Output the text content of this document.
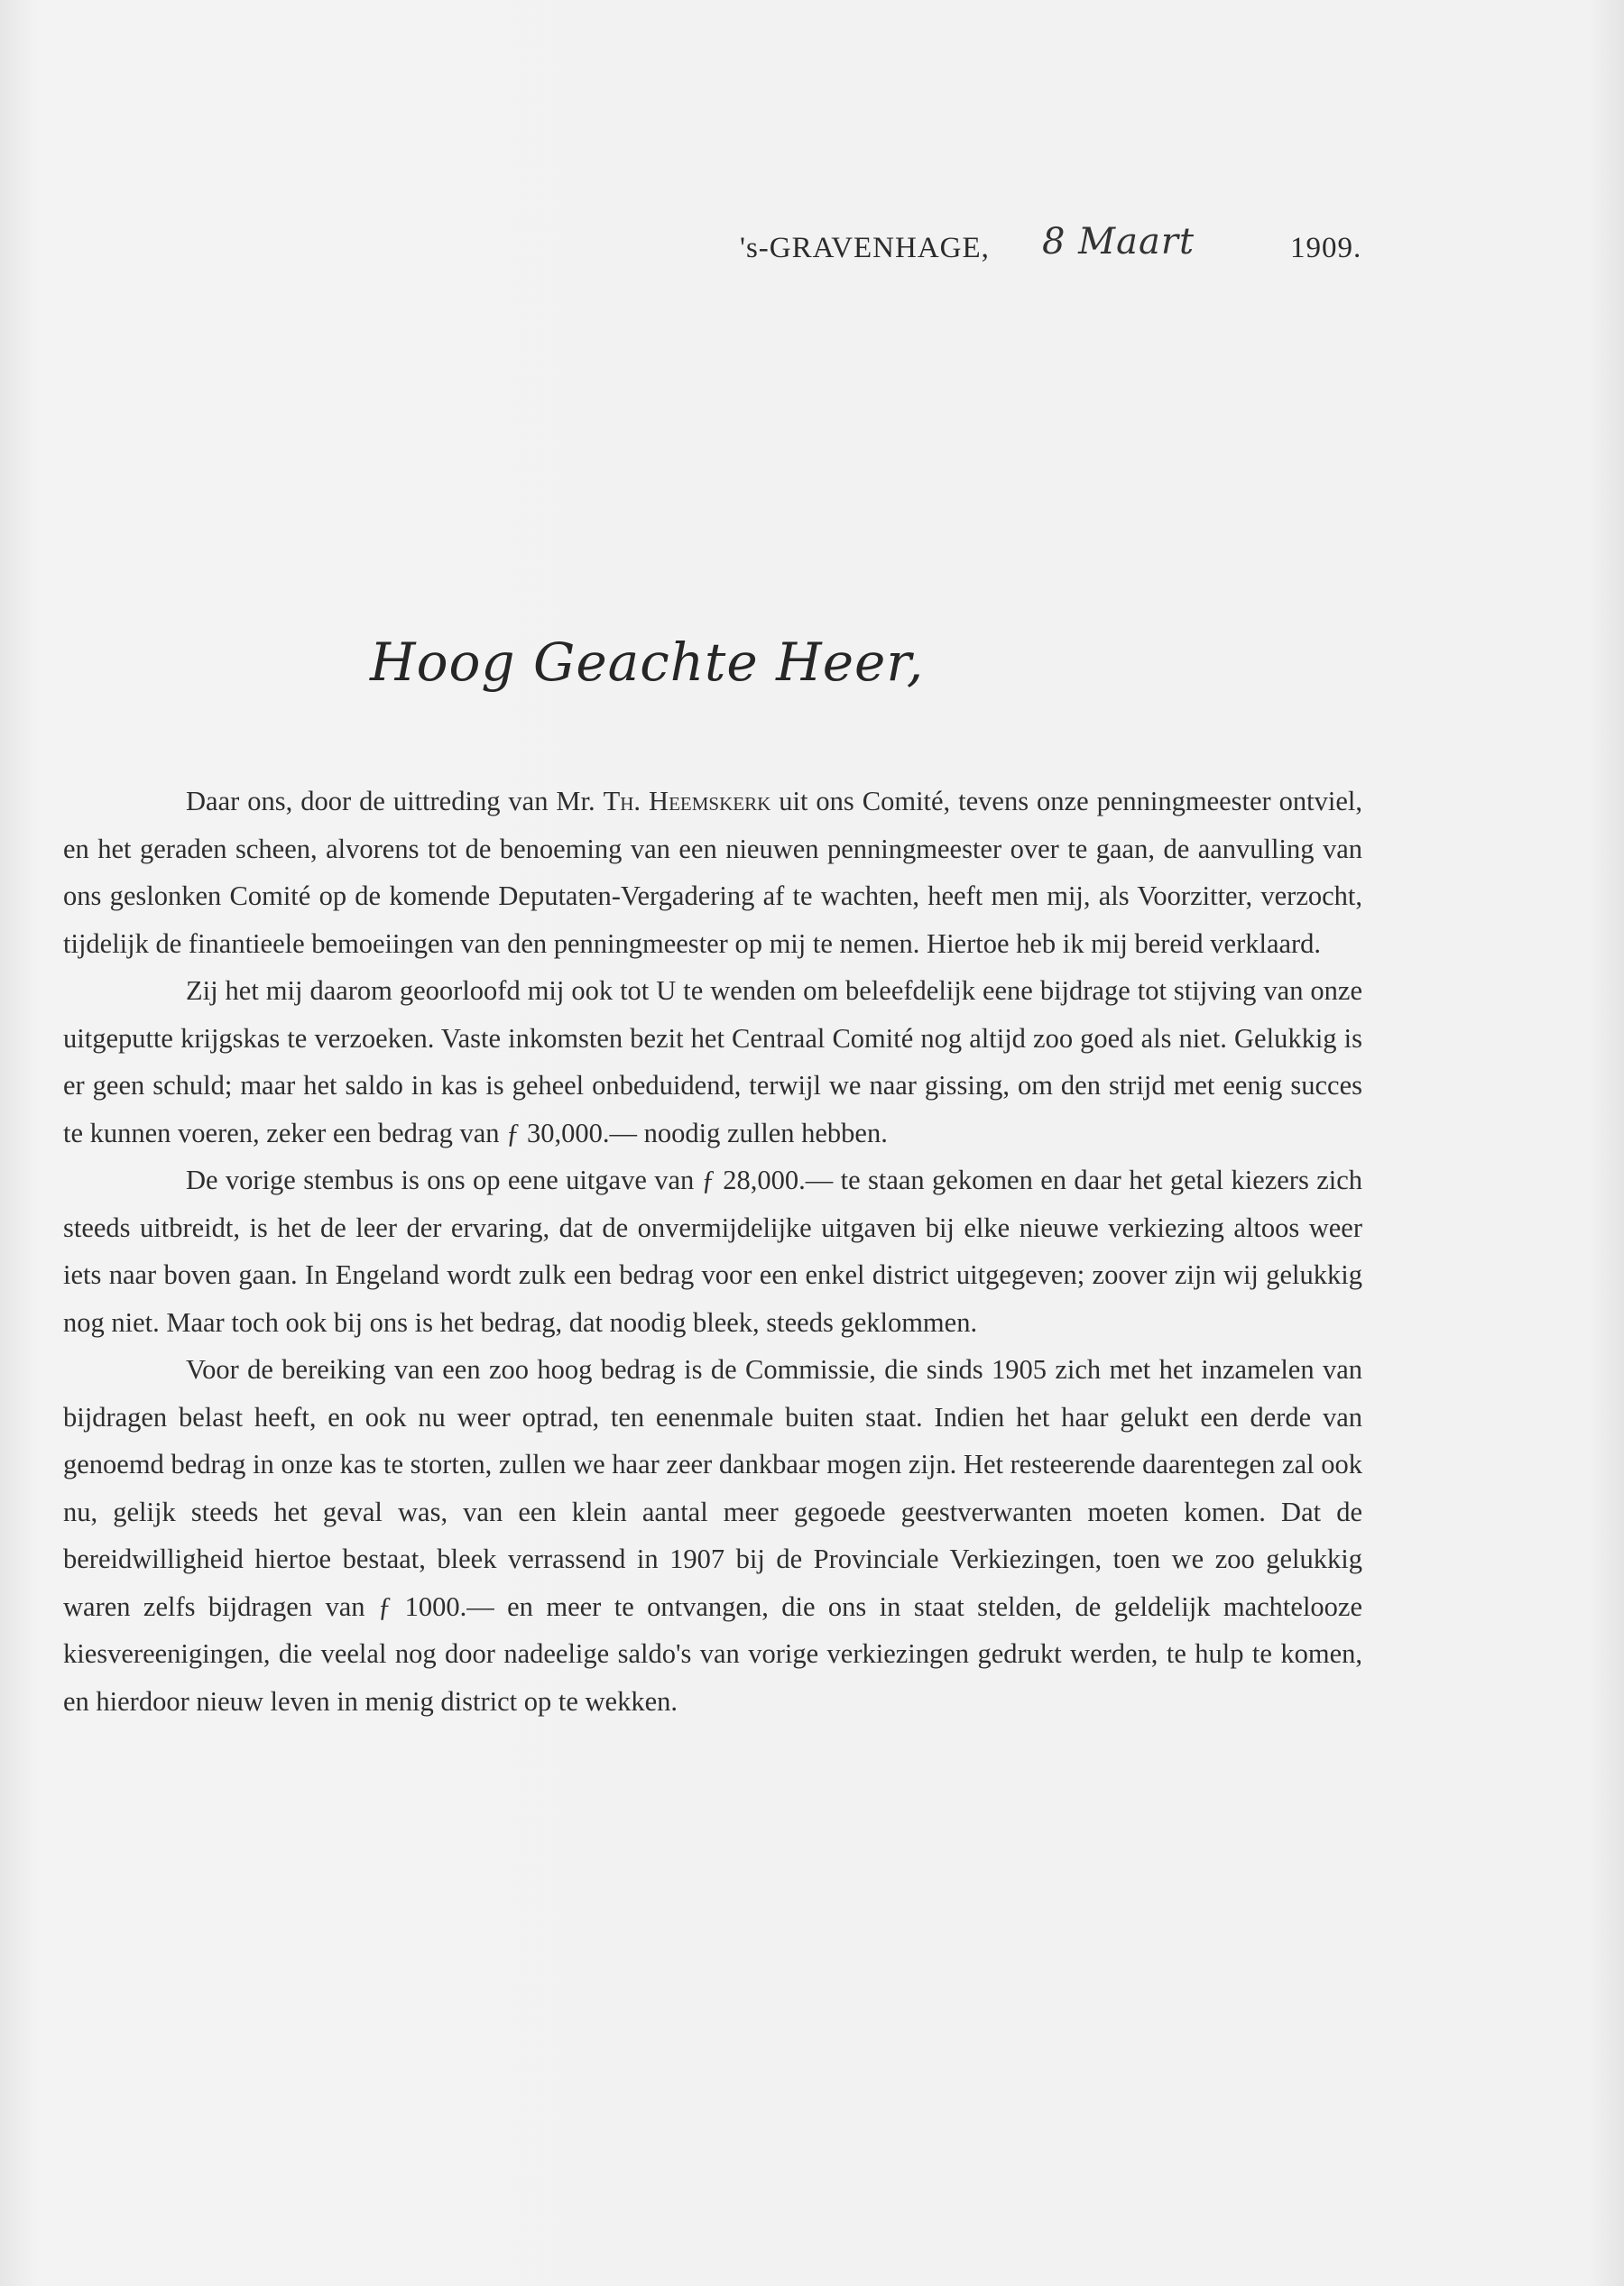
's-GRAVENHAGE, 8 Maart	1909.
Hoog Geachte Heer,

Daar ons, door de uittreding van Mr. Th. Heemskerk uit ons Comité, tevens onze penningmeester ontviel, en het geraden scheen, alvorens tot de benoeming van een nieuwen penningmeester over te gaan, de aanvulling van ons geslonken Comité op de komende Deputaten-Vergadering af te wachten, heeft men mij, als Voorzitter, verzocht, tijdelijk de finantieele bemoeiingen van den penningmeester op mij te nemen. Hiertoe heb ik mij bereid verklaard.

Zij het mij daarom geoorloofd mij ook tot U te wenden om beleefdelijk eene bijdrage tot stijving van onze uitgeputte krijgskas te verzoeken. Vaste inkomsten bezit het Centraal Comité nog altijd zoo goed als niet. Gelukkig is er geen schuld; maar het saldo in kas is geheel onbeduidend, terwijl we naar gissing, om den strijd met eenig succes te kunnen voeren, zeker een bedrag van ƒ 30,000.— noodig zullen hebben.

De vorige stembus is ons op eene uitgave van ƒ 28,000.— te staan gekomen en daar het getal kiezers zich steeds uitbreidt, is het de leer der ervaring, dat de onvermijdelijke uitgaven bij elke nieuwe verkiezing altoos weer iets naar boven gaan. In Engeland wordt zulk een bedrag voor een enkel district uitgegeven; zoover zijn wij gelukkig nog niet. Maar toch ook bij ons is het bedrag, dat noodig bleek, steeds geklommen.

Voor de bereiking van een zoo hoog bedrag is de Commissie, die sinds 1905 zich met het inzamelen van bijdragen belast heeft, en ook nu weer optrad, ten eenenmale buiten staat. Indien het haar gelukt een derde van genoemd bedrag in onze kas te storten, zullen we haar zeer dankbaar mogen zijn. Het resteerende daarentegen zal ook nu, gelijk steeds het geval was, van een klein aantal meer gegoede geestverwanten moeten komen. Dat de bereidwilligheid hiertoe bestaat, bleek verrassend in 1907 bij de Provinciale Verkiezingen, toen we zoo gelukkig waren zelfs bijdragen van ƒ 1000.— en meer te ontvangen, die ons in staat stelden, de geldelijk machtelooze kiesvereenigingen, die veelal nog door nadeelige saldo's van vorige verkiezingen gedrukt werden, te hulp te komen, en hierdoor nieuw leven in menig district op te wekken.
